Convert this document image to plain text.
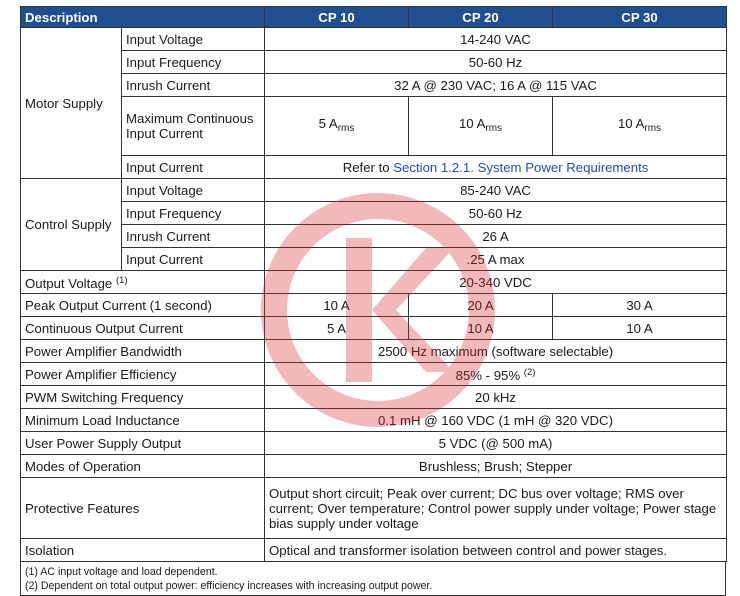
Description		CP 10	CP 20	CP 30
Motor Supply	Input Voltage	14-240 VAC		
	Input Frequency	50-60 Hz		
	Inrush Current	32 A @ 230 VAC; 16 A @ 115 VAC		
	Maximum Continuous Input Current	5 $A_{rms}$	10 $A_{rms}$	10 $A_{rms}$
	Input Current	Refer to Section 1.2.1. System Power Requirements		
Control Supply	Input Voltage	85-240 VAC		
	Input Frequency	50-60 Hz		
	Inrush Current	26 A		
	Input Current	.25 A max		
Output Voltage $^{(1)}$		20-340 VDC		
Peak Output Current (1 second)		10 A	20 A	30 A
Continuous Output Current		5 A	10 A	10 A
Power Amplifier Bandwidth		2500 Hz maximum (software selectable)		
Power Amplifier Efficiency		85% - 95% $^{(2)}$
PWM Switching Frequency		20 kHz		
Minimum Load Inductance		0.1 mH @ 160 VDC (1 mH @ 320 VDC)		
User Power Supply Output		5 VDC (@ 500 mA)		
Modes of Operation		Brushless; Brush; Stepper		
Protective Features		Output short circuit; Peak over current; DC bus over voltage; RMS over current; Over temperature; Control power supply under voltage; Power stage bias supply under voltage		
Isolation		Optical and transformer isolation between control and power stages.		
(1) AC input voltage and load dependent.
(2) Dependent on total output power: efficiency increases with increasing output power.
